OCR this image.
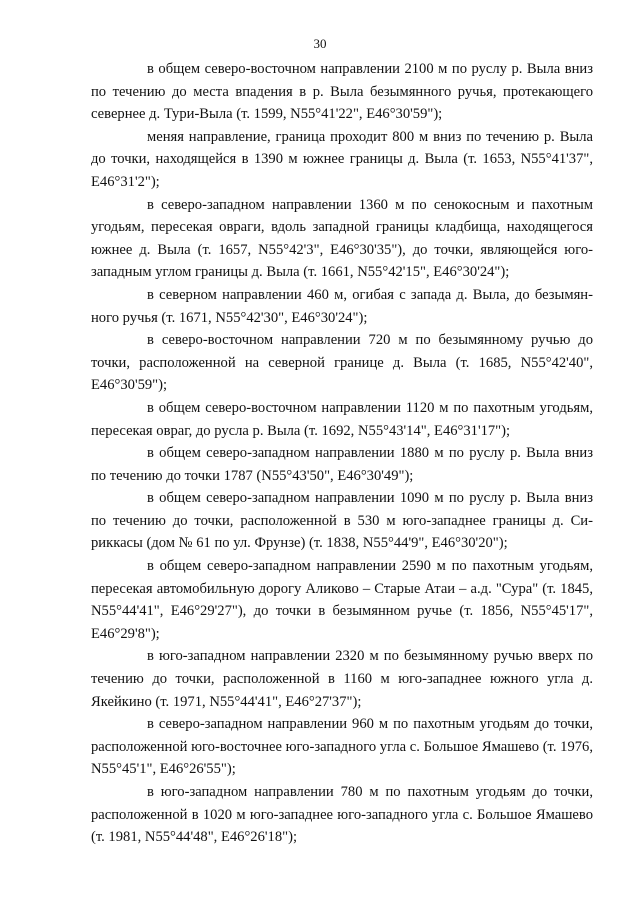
30

в общем северо-восточном направлении 2100 м по руслу р. Выла вниз по течению до места впадения в р. Выла безымянного ручья, протекающего севернее д. Тури-Выла (т. 1599, N55°41'22", E46°30'59");

меняя направление, граница проходит 800 м вниз по течению р. Выла до точки, находящейся в 1390 м южнее границы д. Выла (т. 1653, N55°41'37", E46°31'2");

в северо-западном направлении 1360 м по сенокосным и пахотным угодьям, пересекая овраги, вдоль западной границы кладбища, находящегося южнее д. Выла (т. 1657, N55°42'3", E46°30'35"), до точки, являющейся юго-западным углом границы д. Выла (т. 1661, N55°42'15", E46°30'24");

в северном направлении 460 м, огибая с запада д. Выла, до безымянного ручья (т. 1671, N55°42'30", E46°30'24");

в северо-восточном направлении 720 м по безымянному ручью до точки, расположенной на северной границе д. Выла (т. 1685, N55°42'40", E46°30'59");

в общем северо-восточном направлении 1120 м по пахотным угодьям, пересекая овраг, до русла р. Выла (т. 1692, N55°43'14", E46°31'17");

в общем северо-западном направлении 1880 м по руслу р. Выла вниз по течению до точки 1787 (N55°43'50", E46°30'49");

в общем северо-западном направлении 1090 м по руслу р. Выла вниз по течению до точки, расположенной в 530 м юго-западнее границы д. Сириккасы (дом № 61 по ул. Фрунзе) (т. 1838, N55°44'9", E46°30'20");

в общем северо-западном направлении 2590 м по пахотным угодьям, пересекая автомобильную дорогу Аликово – Старые Атаи – а.д. "Сура" (т. 1845, N55°44'41", E46°29'27"), до точки в безымянном ручье (т. 1856, N55°45'17", E46°29'8");

в юго-западном направлении 2320 м по безымянному ручью вверх по течению до точки, расположенной в 1160 м юго-западнее южного угла д. Якейкино (т. 1971, N55°44'41", E46°27'37");

в северо-западном направлении 960 м по пахотным угодьям до точки, расположенной юго-восточнее юго-западного угла с. Большое Ямашево (т. 1976, N55°45'1", E46°26'55");

в юго-западном направлении 780 м по пахотным угодьям до точки, расположенной в 1020 м юго-западнее юго-западного угла с. Большое Ямашево (т. 1981, N55°44'48", E46°26'18");
